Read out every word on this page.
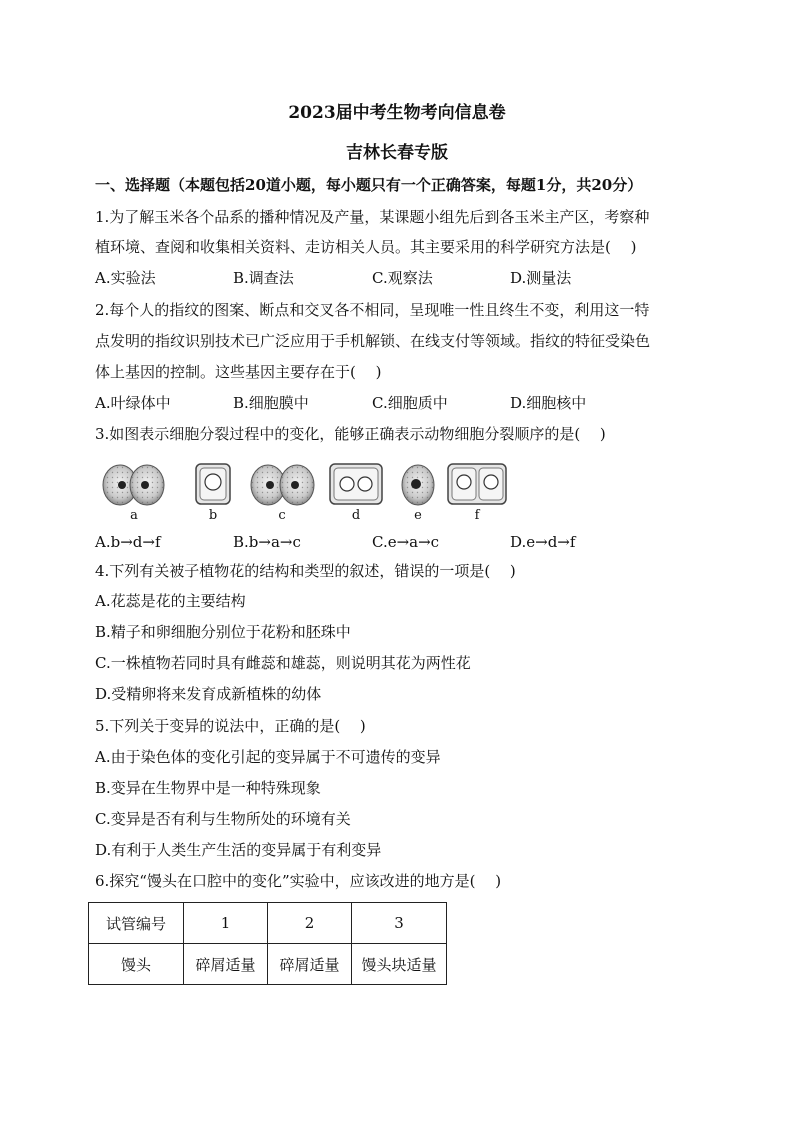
2023届中考生物考向信息卷
吉林长春专版
一、选择题（本题包括20道小题，每小题只有一个正确答案，每题1分，共20分）
1.为了解玉米各个品系的播种情况及产量，某课题小组先后到各玉米主产区，考察种
植环境、查阅和收集相关资料、走访相关人员。其主要采用的科学研究方法是(　 )
A.实验法	B.调查法	C.观察法	D.测量法
2.每个人的指纹的图案、断点和交叉各不相同，呈现唯一性且终生不变，利用这一特
点发明的指纹识别技术已广泛应用于手机解锁、在线支付等领域。指纹的特征受染色
体上基因的控制。这些基因主要存在于(　 )
A.叶绿体中	B.细胞膜中	C.细胞质中	D.细胞核中
3.如图表示细胞分裂过程中的变化，能够正确表示动物细胞分裂顺序的是(　 )
a	b	c	d	e	f
A.b→d→f	B.b→a→c	C.e→a→c	D.e→d→f
4.下列有关被子植物花的结构和类型的叙述，错误的一项是(　 )
A.花蕊是花的主要结构
B.精子和卵细胞分别位于花粉和胚珠中
C.一株植物若同时具有雌蕊和雄蕊，则说明其花为两性花
D.受精卵将来发育成新植株的幼体
5.下列关于变异的说法中，正确的是(　 )
A.由于染色体的变化引起的变异属于不可遗传的变异
B.变异在生物界中是一种特殊现象
C.变异是否有利与生物所处的环境有关
D.有利于人类生产生活的变异属于有利变异
6.探究“馒头在口腔中的变化”实验中，应该改进的地方是(　 )
试管编号	1	2	3
馒头	碎屑适量	碎屑适量	馒头块适量
